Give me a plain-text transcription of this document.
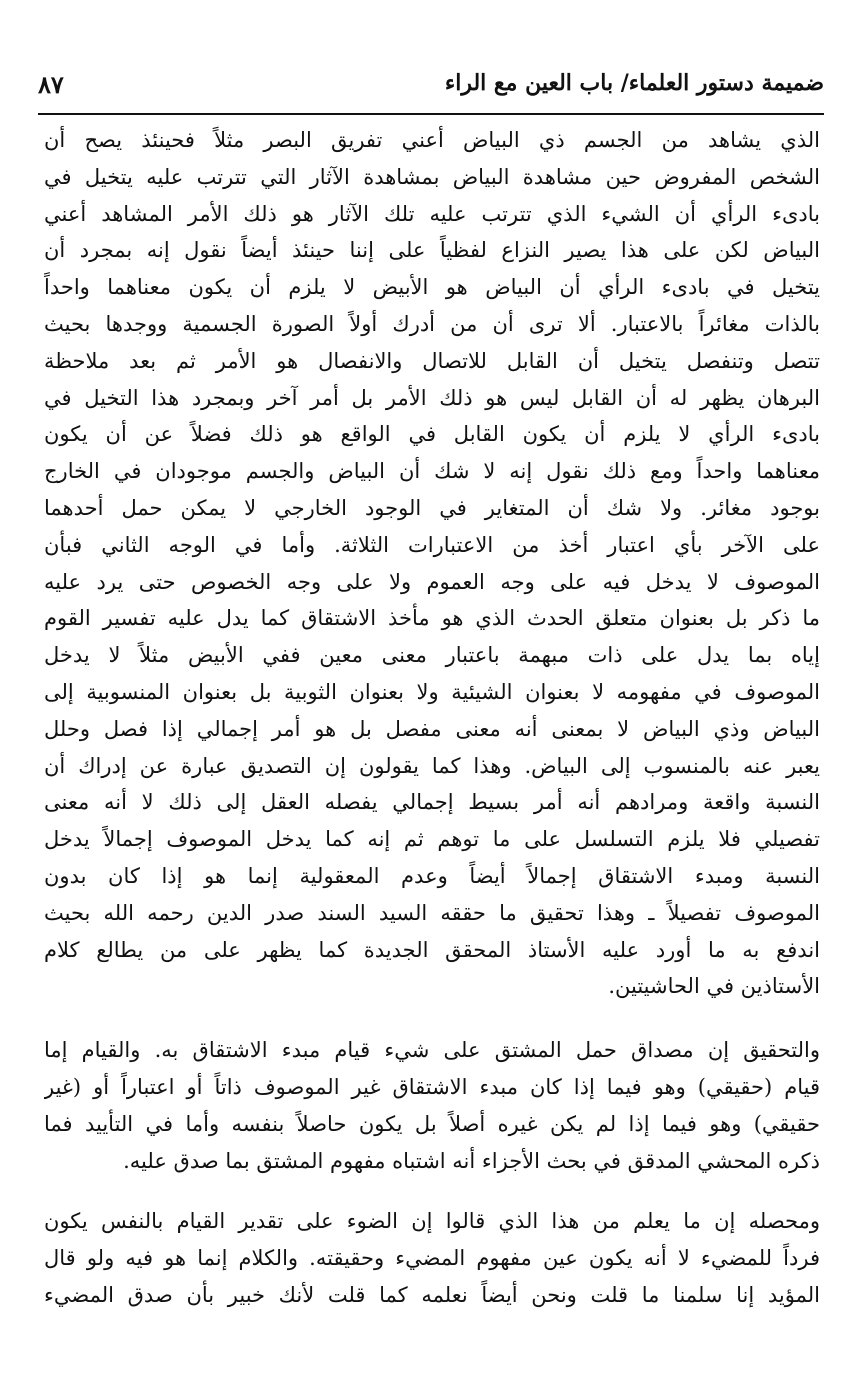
ضميمة دستور العلماء/ باب العين مع الراء
٨٧
الذي يشاهد من الجسم ذي البياض أعني تفريق البصر مثلاً فحينئذ يصح أن
الشخص المفروض حين مشاهدة البياض بمشاهدة الآثار التي تترتب عليه يتخيل في
بادىء الرأي أن الشيء الذي تترتب عليه تلك الآثار هو ذلك الأمر المشاهد أعني
البياض لكن على هذا يصير النزاع لفظياً على إننا حينئذ أيضاً نقول إنه بمجرد أن
يتخيل في بادىء الرأي أن البياض هو الأبيض لا يلزم أن يكون معناهما واحداً
بالذات مغائراً بالاعتبار. ألا ترى أن من أدرك أولاً الصورة الجسمية ووجدها بحيث
تتصل وتنفصل يتخيل أن القابل للاتصال والانفصال هو الأمر ثم بعد ملاحظة
البرهان يظهر له أن القابل ليس هو ذلك الأمر بل أمر آخر وبمجرد هذا التخيل في
بادىء الرأي لا يلزم أن يكون القابل في الواقع هو ذلك فضلاً عن أن يكون
معناهما واحداً ومع ذلك نقول إنه لا شك أن البياض والجسم موجودان في الخارج
بوجود مغائر. ولا شك أن المتغاير في الوجود الخارجي لا يمكن حمل أحدهما
على الآخر بأي اعتبار أخذ من الاعتبارات الثلاثة. وأما في الوجه الثاني فبأن
الموصوف لا يدخل فيه على وجه العموم ولا على وجه الخصوص حتى يرد عليه
ما ذكر بل بعنوان متعلق الحدث الذي هو مأخذ الاشتقاق كما يدل عليه تفسير القوم
إياه بما يدل على ذات مبهمة باعتبار معنى معين ففي الأبيض مثلاً لا يدخل
الموصوف في مفهومه لا بعنوان الشيئية ولا بعنوان الثوبية بل بعنوان المنسوبية إلى
البياض وذي البياض لا بمعنى أنه معنى مفصل بل هو أمر إجمالي إذا فصل وحلل
يعبر عنه بالمنسوب إلى البياض. وهذا كما يقولون إن التصديق عبارة عن إدراك أن
النسبة واقعة ومرادهم أنه أمر بسيط إجمالي يفصله العقل إلى ذلك لا أنه معنى
تفصيلي فلا يلزم التسلسل على ما توهم ثم إنه كما يدخل الموصوف إجمالاً يدخل
النسبة ومبدء الاشتقاق إجمالاً أيضاً وعدم المعقولية إنما هو إذا كان بدون
الموصوف تفصيلاً ـ وهذا تحقيق ما حققه السيد السند صدر الدين رحمه الله بحيث
اندفع به ما أورد عليه الأستاذ المحقق الجديدة كما يظهر على من يطالع كلام
الأستاذين في الحاشيتين.
والتحقيق إن مصداق حمل المشتق على شيء قيام مبدء الاشتقاق به. والقيام إما
قيام (حقيقي) وهو فيما إذا كان مبدء الاشتقاق غير الموصوف ذاتاً أو اعتباراً أو (غير
حقيقي) وهو فيما إذا لم يكن غيره أصلاً بل يكون حاصلاً بنفسه وأما في التأييد فما
ذكره المحشي المدقق في بحث الأجزاء أنه اشتباه مفهوم المشتق بما صدق عليه.
ومحصله إن ما يعلم من هذا الذي قالوا إن الضوء على تقدير القيام بالنفس يكون
فرداً للمضيء لا أنه يكون عين مفهوم المضيء وحقيقته. والكلام إنما هو فيه ولو قال
المؤيد إنا سلمنا ما قلت ونحن أيضاً نعلمه كما قلت لأنك خبير بأن صدق المضيء
